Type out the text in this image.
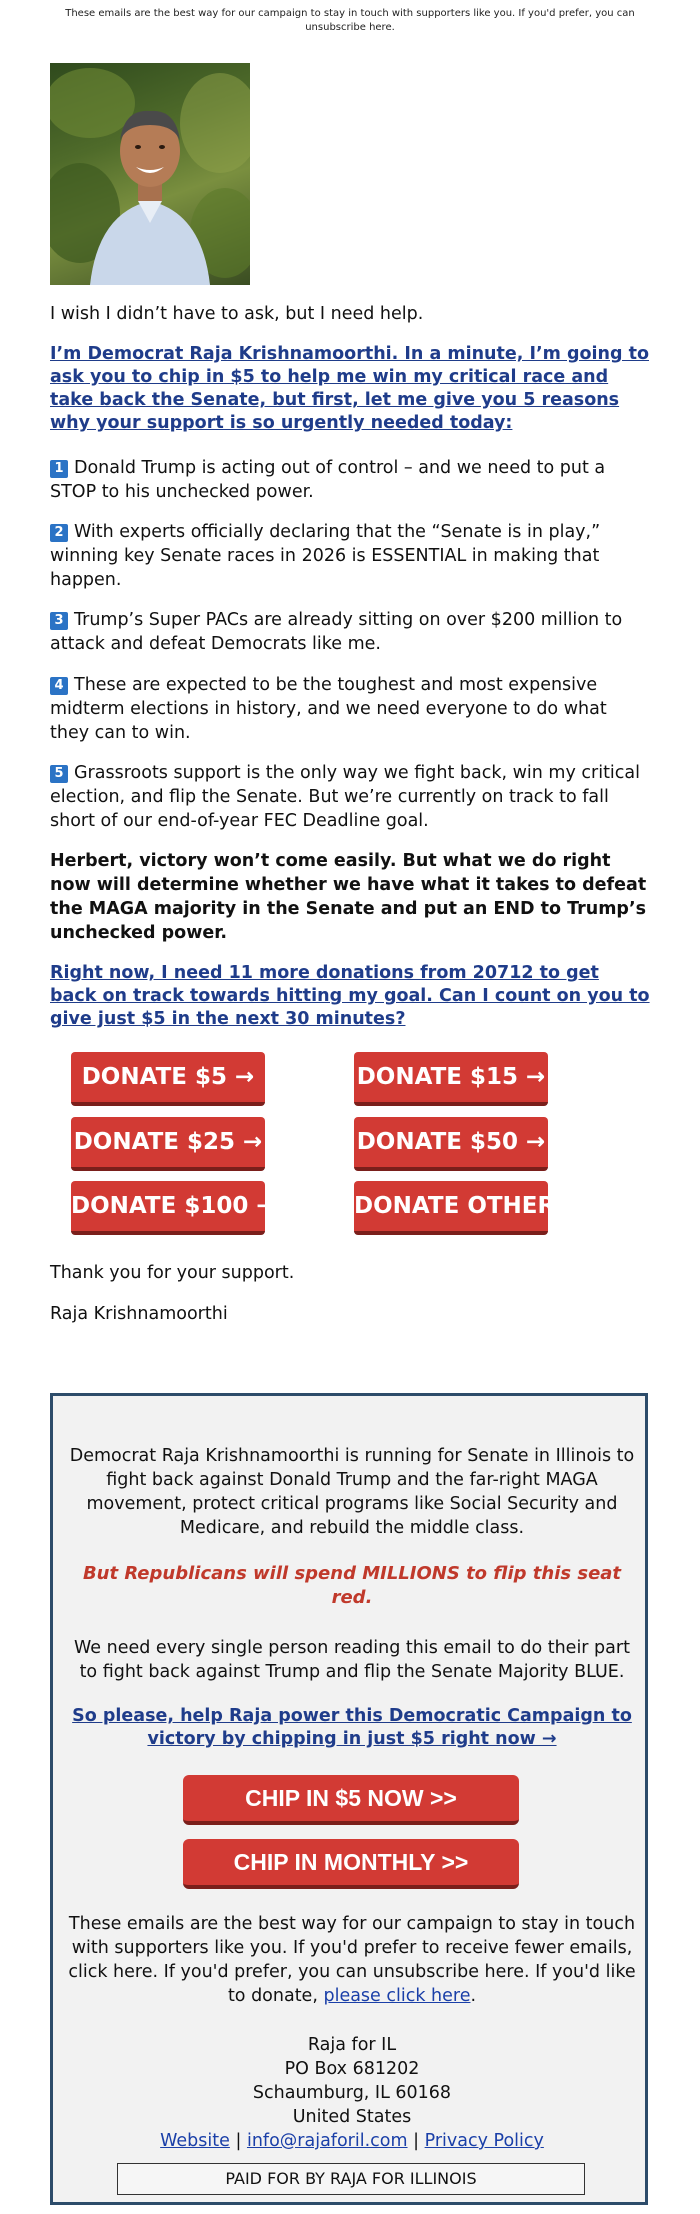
These emails are the best way for our campaign to stay in touch with supporters like you. If you'd prefer, you can unsubscribe here.

I wish I didn’t have to ask, but I need help.

I’m Democrat Raja Krishnamoorthi. In a minute, I’m going to ask you to chip in $5 to help me win my critical race and take back the Senate, but first, let me give you 5 reasons why your support is so urgently needed today:

1 Donald Trump is acting out of control – and we need to put a STOP to his unchecked power.

2 With experts officially declaring that the “Senate is in play,” winning key Senate races in 2026 is ESSENTIAL in making that happen.

3 Trump’s Super PACs are already sitting on over $200 million to attack and defeat Democrats like me.

4 These are expected to be the toughest and most expensive midterm elections in history, and we need everyone to do what they can to win.

5 Grassroots support is the only way we fight back, win my critical election, and flip the Senate. But we’re currently on track to fall short of our end-of-year FEC Deadline goal.

Herbert, victory won’t come easily. But what we do right now will determine whether we have what it takes to defeat the MAGA majority in the Senate and put an END to Trump’s unchecked power.

Right now, I need 11 more donations from 20712 to get back on track towards hitting my goal. Can I count on you to give just $5 in the next 30 minutes?
DONATE $5 →	DONATE $15 →
DONATE $25 →	DONATE $50 →
DONATE $100 →	DONATE OTHER →

Thank you for your support.

Raja Krishnamoorthi

Democrat Raja Krishnamoorthi is running for Senate in Illinois to fight back against Donald Trump and the far-right MAGA movement, protect critical programs like Social Security and Medicare, and rebuild the middle class.

But Republicans will spend MILLIONS to flip this seat red.

We need every single person reading this email to do their part to fight back against Trump and flip the Senate Majority BLUE.

So please, help Raja power this Democratic Campaign to victory by chipping in just $5 right now →
CHIP IN $5 NOW >>
CHIP IN MONTHLY >>

These emails are the best way for our campaign to stay in touch with supporters like you. If you'd prefer to receive fewer emails, click here. If you'd prefer, you can unsubscribe here. If you'd like to donate, please click here.

Raja for IL
PO Box 681202
Schaumburg, IL 60168
United States
Website | info@rajaforil.com | Privacy Policy
PAID FOR BY RAJA FOR ILLINOIS
